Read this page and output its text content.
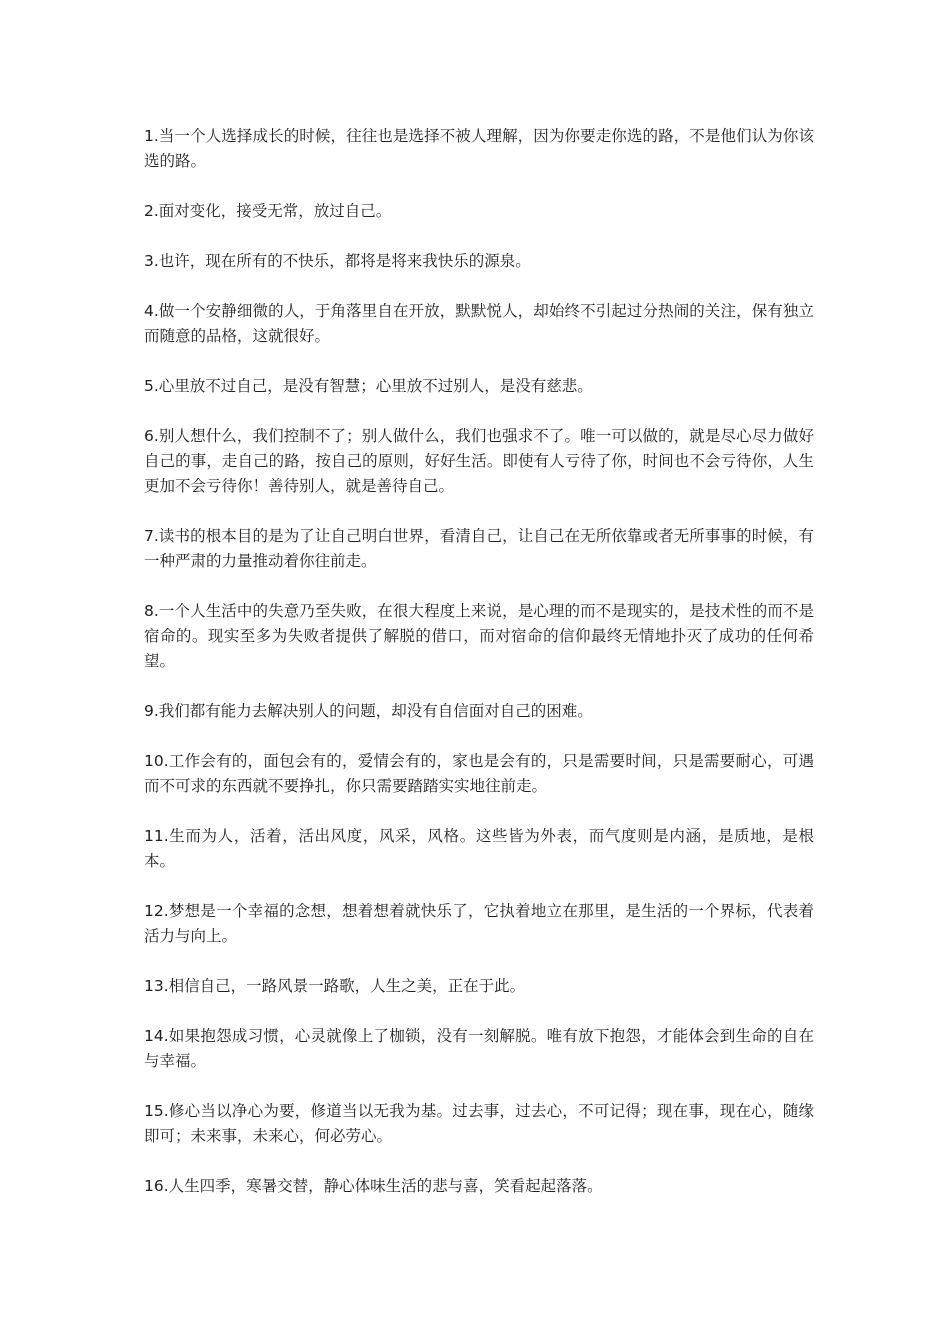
1.当一个人选择成长的时候，往往也是选择不被人理解，因为你要走你选的路，不是他们认为你该选的路。

2.面对变化，接受无常，放过自己。

3.也许，现在所有的不快乐，都将是将来我快乐的源泉。

4.做一个安静细微的人，于角落里自在开放，默默悦人，却始终不引起过分热闹的关注，保有独立而随意的品格，这就很好。

5.心里放不过自己，是没有智慧；心里放不过别人，是没有慈悲。

6.别人想什么，我们控制不了；别人做什么，我们也强求不了。唯一可以做的，就是尽心尽力做好自己的事，走自己的路，按自己的原则，好好生活。即使有人亏待了你，时间也不会亏待你，人生更加不会亏待你！善待别人，就是善待自己。

7.读书的根本目的是为了让自己明白世界，看清自己，让自己在无所依靠或者无所事事的时候，有一种严肃的力量推动着你往前走。

8.一个人生活中的失意乃至失败，在很大程度上来说，是心理的而不是现实的，是技术性的而不是宿命的。现实至多为失败者提供了解脱的借口，而对宿命的信仰最终无情地扑灭了成功的任何希望。

9.我们都有能力去解决别人的问题，却没有自信面对自己的困难。

10.工作会有的，面包会有的，爱情会有的，家也是会有的，只是需要时间，只是需要耐心，可遇而不可求的东西就不要挣扎，你只需要踏踏实实地往前走。

11.生而为人，活着，活出风度，风采，风格。这些皆为外表，而气度则是内涵，是质地，是根本。

12.梦想是一个幸福的念想，想着想着就快乐了，它执着地立在那里，是生活的一个界标，代表着活力与向上。

13.相信自己，一路风景一路歌，人生之美，正在于此。

14.如果抱怨成习惯，心灵就像上了枷锁，没有一刻解脱。唯有放下抱怨，才能体会到生命的自在与幸福。

15.修心当以净心为要，修道当以无我为基。过去事，过去心，不可记得；现在事，现在心，随缘即可；未来事，未来心，何必劳心。

16.人生四季，寒暑交替，静心体味生活的悲与喜，笑看起起落落。
